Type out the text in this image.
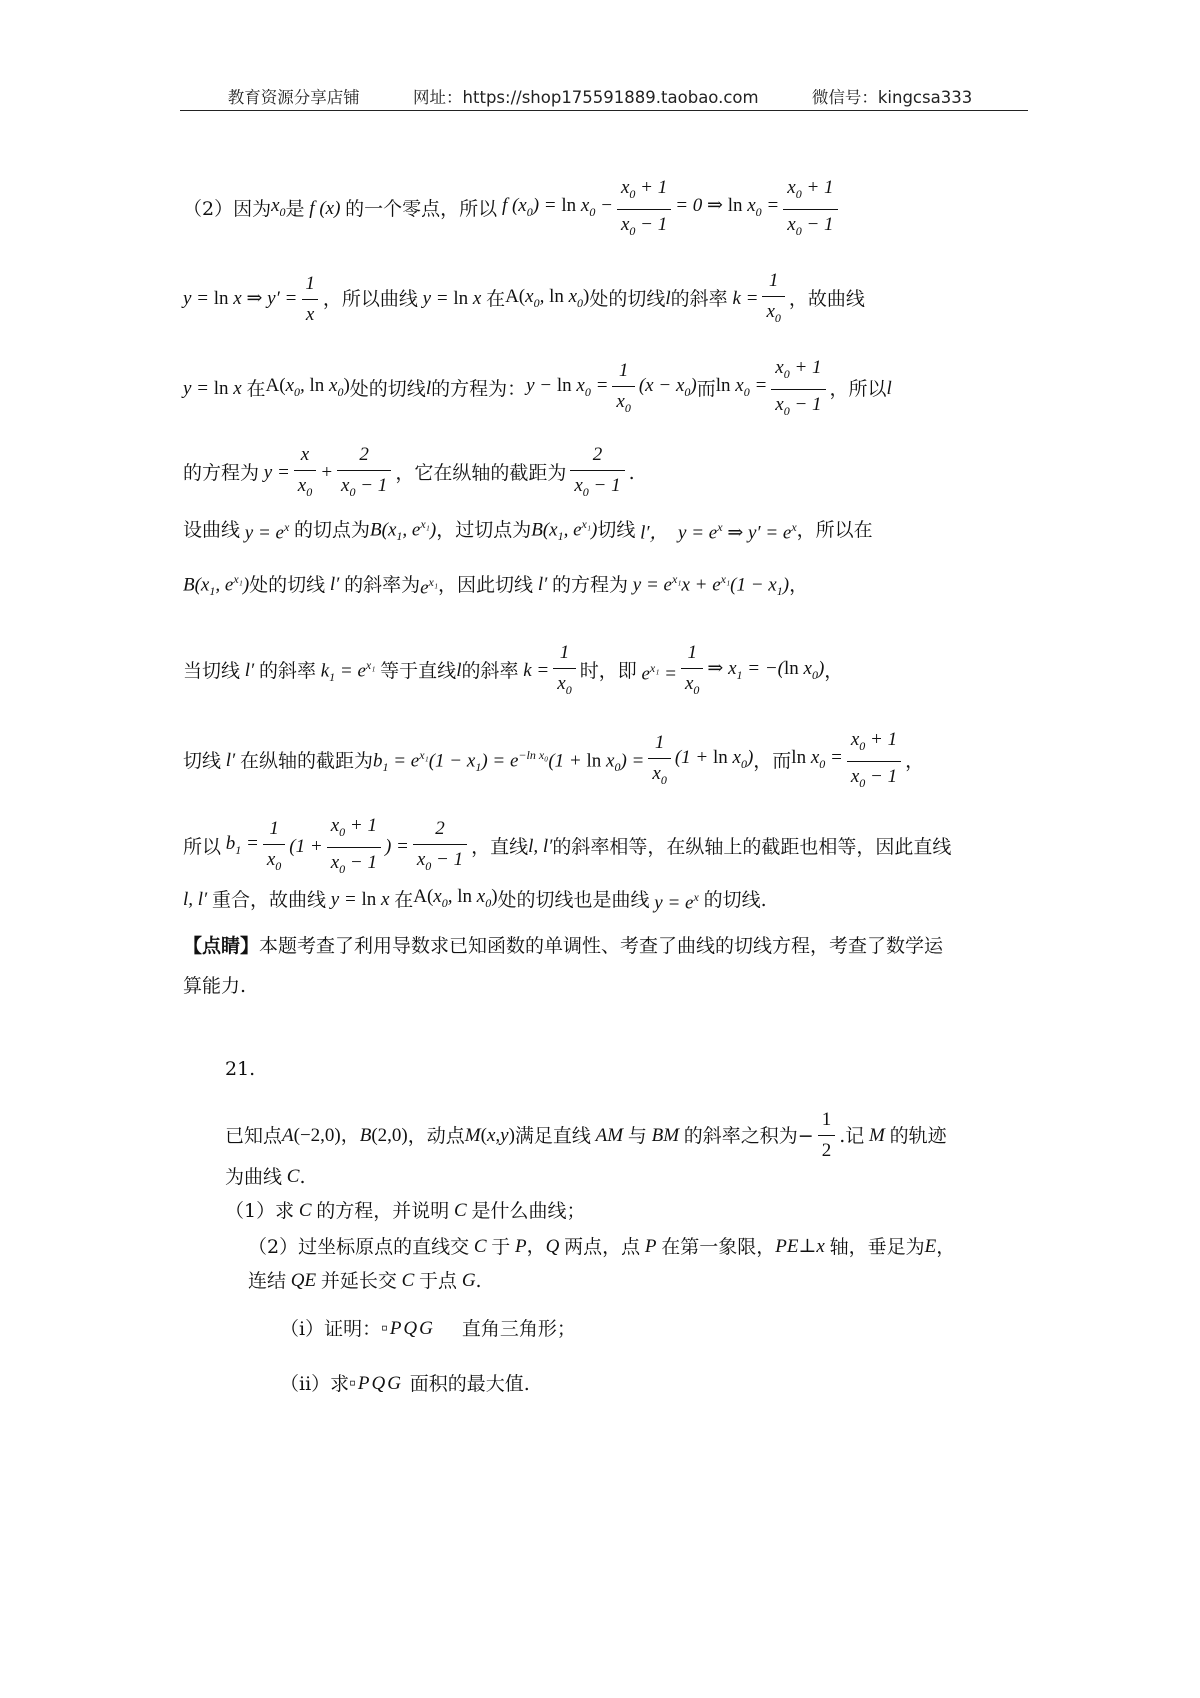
教育资源分享店铺	网址：https://shop175591889.taobao.com	微信号：kingcsa333
（2）因为 $x_0$ 是 f (x) 的一个零点，所以 f $(x_0) = \ln x_0 - \frac{x_0 + 1}{x_0 - 1} = 0$ ⇒ $\ln x_0 = \frac{x_0 + 1}{x_0 - 1}$
y = ln x ⇒ $y' = \frac{1}{x}$ ，所以曲线 y = ln x 在 $A(x_0$, $\ln x_0$) 处的切线 l 的斜率 $k = \frac{1}{x_0}$ ，故曲线
y = ln x 在 $A(x_0$, $\ln x_0$) 处的切线 l 的方程为： $y - \ln x_0 = \frac{1}{x_0} (x - x_0)$ 而 $\ln x_0 = \frac{x_0 + 1}{x_0 - 1}$ ，所以 l
的方程为 $y = \frac{x}{x_0} + \frac{2}{x_0 - 1}$ ，它在纵轴的截距为 $\frac{2}{x_0 - 1}$ .
设曲线 $y = e^x$ 的切点为 $B(x_1$, $e^{x_1}$) ，过切点为 $B(x_1$, $e^{x_1}$) 切线 l′，  $y = e^x$ ⇒ $y' = e^x$ ，所以在
$B(x_1$, $e^{x_1}$) 处的切线 l′ 的斜率为 $e^{x_1}$ ，因此切线 l′ 的方程为 $y = e^{x_1}x + e^{x_1}(1 - x_1)$ ，
当切线 l′ 的斜率 $k_1 = e^{x_1}$ 等于直线 l 的斜率 $k = \frac{1}{x_0}$ 时，即 $e^{x_1} = \frac{1}{x_0}$ ⇒ $x_1 = -(\ln$ $x_0$) ，
切线 l′ 在纵轴的截距为 $b_1 = e^{x_1}(1 - x_1) = e^{-ln x_0}(1 + \ln x_0) = \frac{1}{x_0} (1 + \ln x_0)$ ，而 $\ln x_0 = \frac{x_0 + 1}{x_0 - 1}$ ，
所以 $b_1 = \frac{1}{x_0} (1 + \frac{x_0 + 1}{x_0 - 1}$ ) = $\frac{2}{x_0 - 1}$ ，直线 l, l′ 的斜率相等，在纵轴上的截距也相等，因此直线
l, l′ 重合，故曲线 y = ln x 在 $A(x_0$, $\ln x_0$) 处的切线也是曲线 $y = e^x$ 的切线.
【点睛】 本题考查了利用导数求已知函数的单调性、考查了曲线的切线方程，考查了数学运
算能力.
21.
已知点 A(−2,0)，B(2,0) ，动点 M(x,y) 满足直线 AM 与 BM 的斜率之积为− $\frac{1}{2}$ .记 M 的轨迹
为曲线 C .
（1）求 C 的方程，并说明 C 是什么曲线；
（2）过坐标原点的直线交 C 于 P，Q 两点，点 P 在第一象限， PE⊥x 轴，垂足为 E ，
连结 QE 并延长交 C 于点 G .
（i）证明： ▫PQG 直角三角形；
（ii）求 ▫PQG 面积的最大值.
